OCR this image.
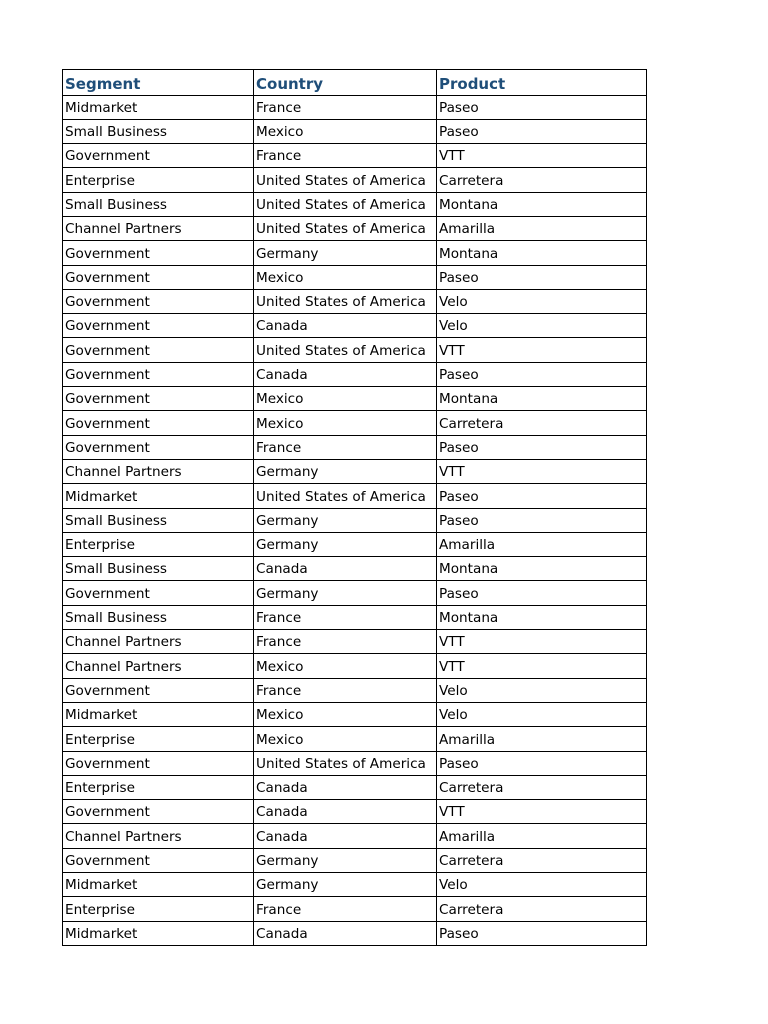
Segment	Country	Product
Midmarket	France	Paseo
Small Business	Mexico	Paseo
Government	France	VTT
Enterprise	United States of America	Carretera
Small Business	United States of America	Montana
Channel Partners	United States of America	Amarilla
Government	Germany	Montana
Government	Mexico	Paseo
Government	United States of America	Velo
Government	Canada	Velo
Government	United States of America	VTT
Government	Canada	Paseo
Government	Mexico	Montana
Government	Mexico	Carretera
Government	France	Paseo
Channel Partners	Germany	VTT
Midmarket	United States of America	Paseo
Small Business	Germany	Paseo
Enterprise	Germany	Amarilla
Small Business	Canada	Montana
Government	Germany	Paseo
Small Business	France	Montana
Channel Partners	France	VTT
Channel Partners	Mexico	VTT
Government	France	Velo
Midmarket	Mexico	Velo
Enterprise	Mexico	Amarilla
Government	United States of America	Paseo
Enterprise	Canada	Carretera
Government	Canada	VTT
Channel Partners	Canada	Amarilla
Government	Germany	Carretera
Midmarket	Germany	Velo
Enterprise	France	Carretera
Midmarket	Canada	Paseo
